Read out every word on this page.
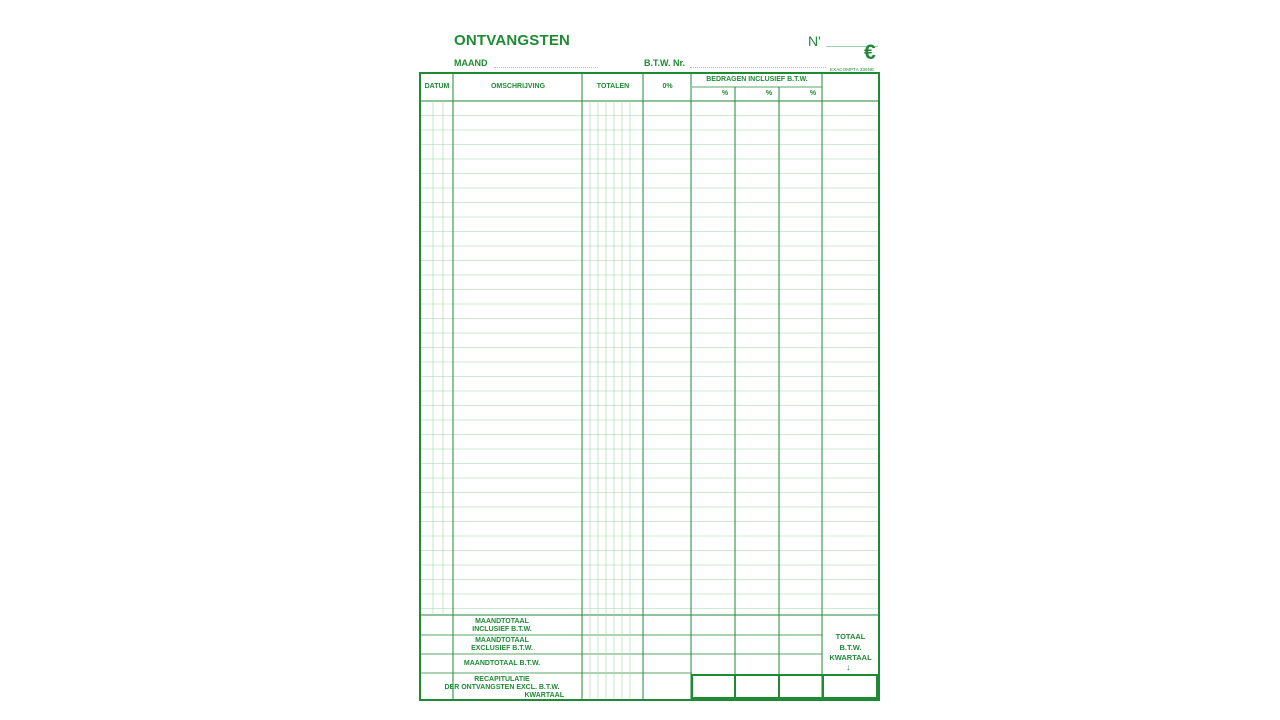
ONTVANGSTEN	N' €
MAAND	B.T.W. Nr.
EXACOMPTA 336NE
DATUM	OMSCHRIJVING	TOTALEN	0%
BEDRAGEN INCLUSIEF B.T.W.
%	%	%
MAANDTOTAAL
INCLUSIEF B.T.W.
MAANDTOTAAL
EXCLUSIEF B.T.W.
MAANDTOTAAL B.T.W.
RECAPITULATIE
DER ONTVANGSTEN EXCL. B.T.W.
KWARTAAL
TOTAAL
B.T.W.
KWARTAAL
↓
